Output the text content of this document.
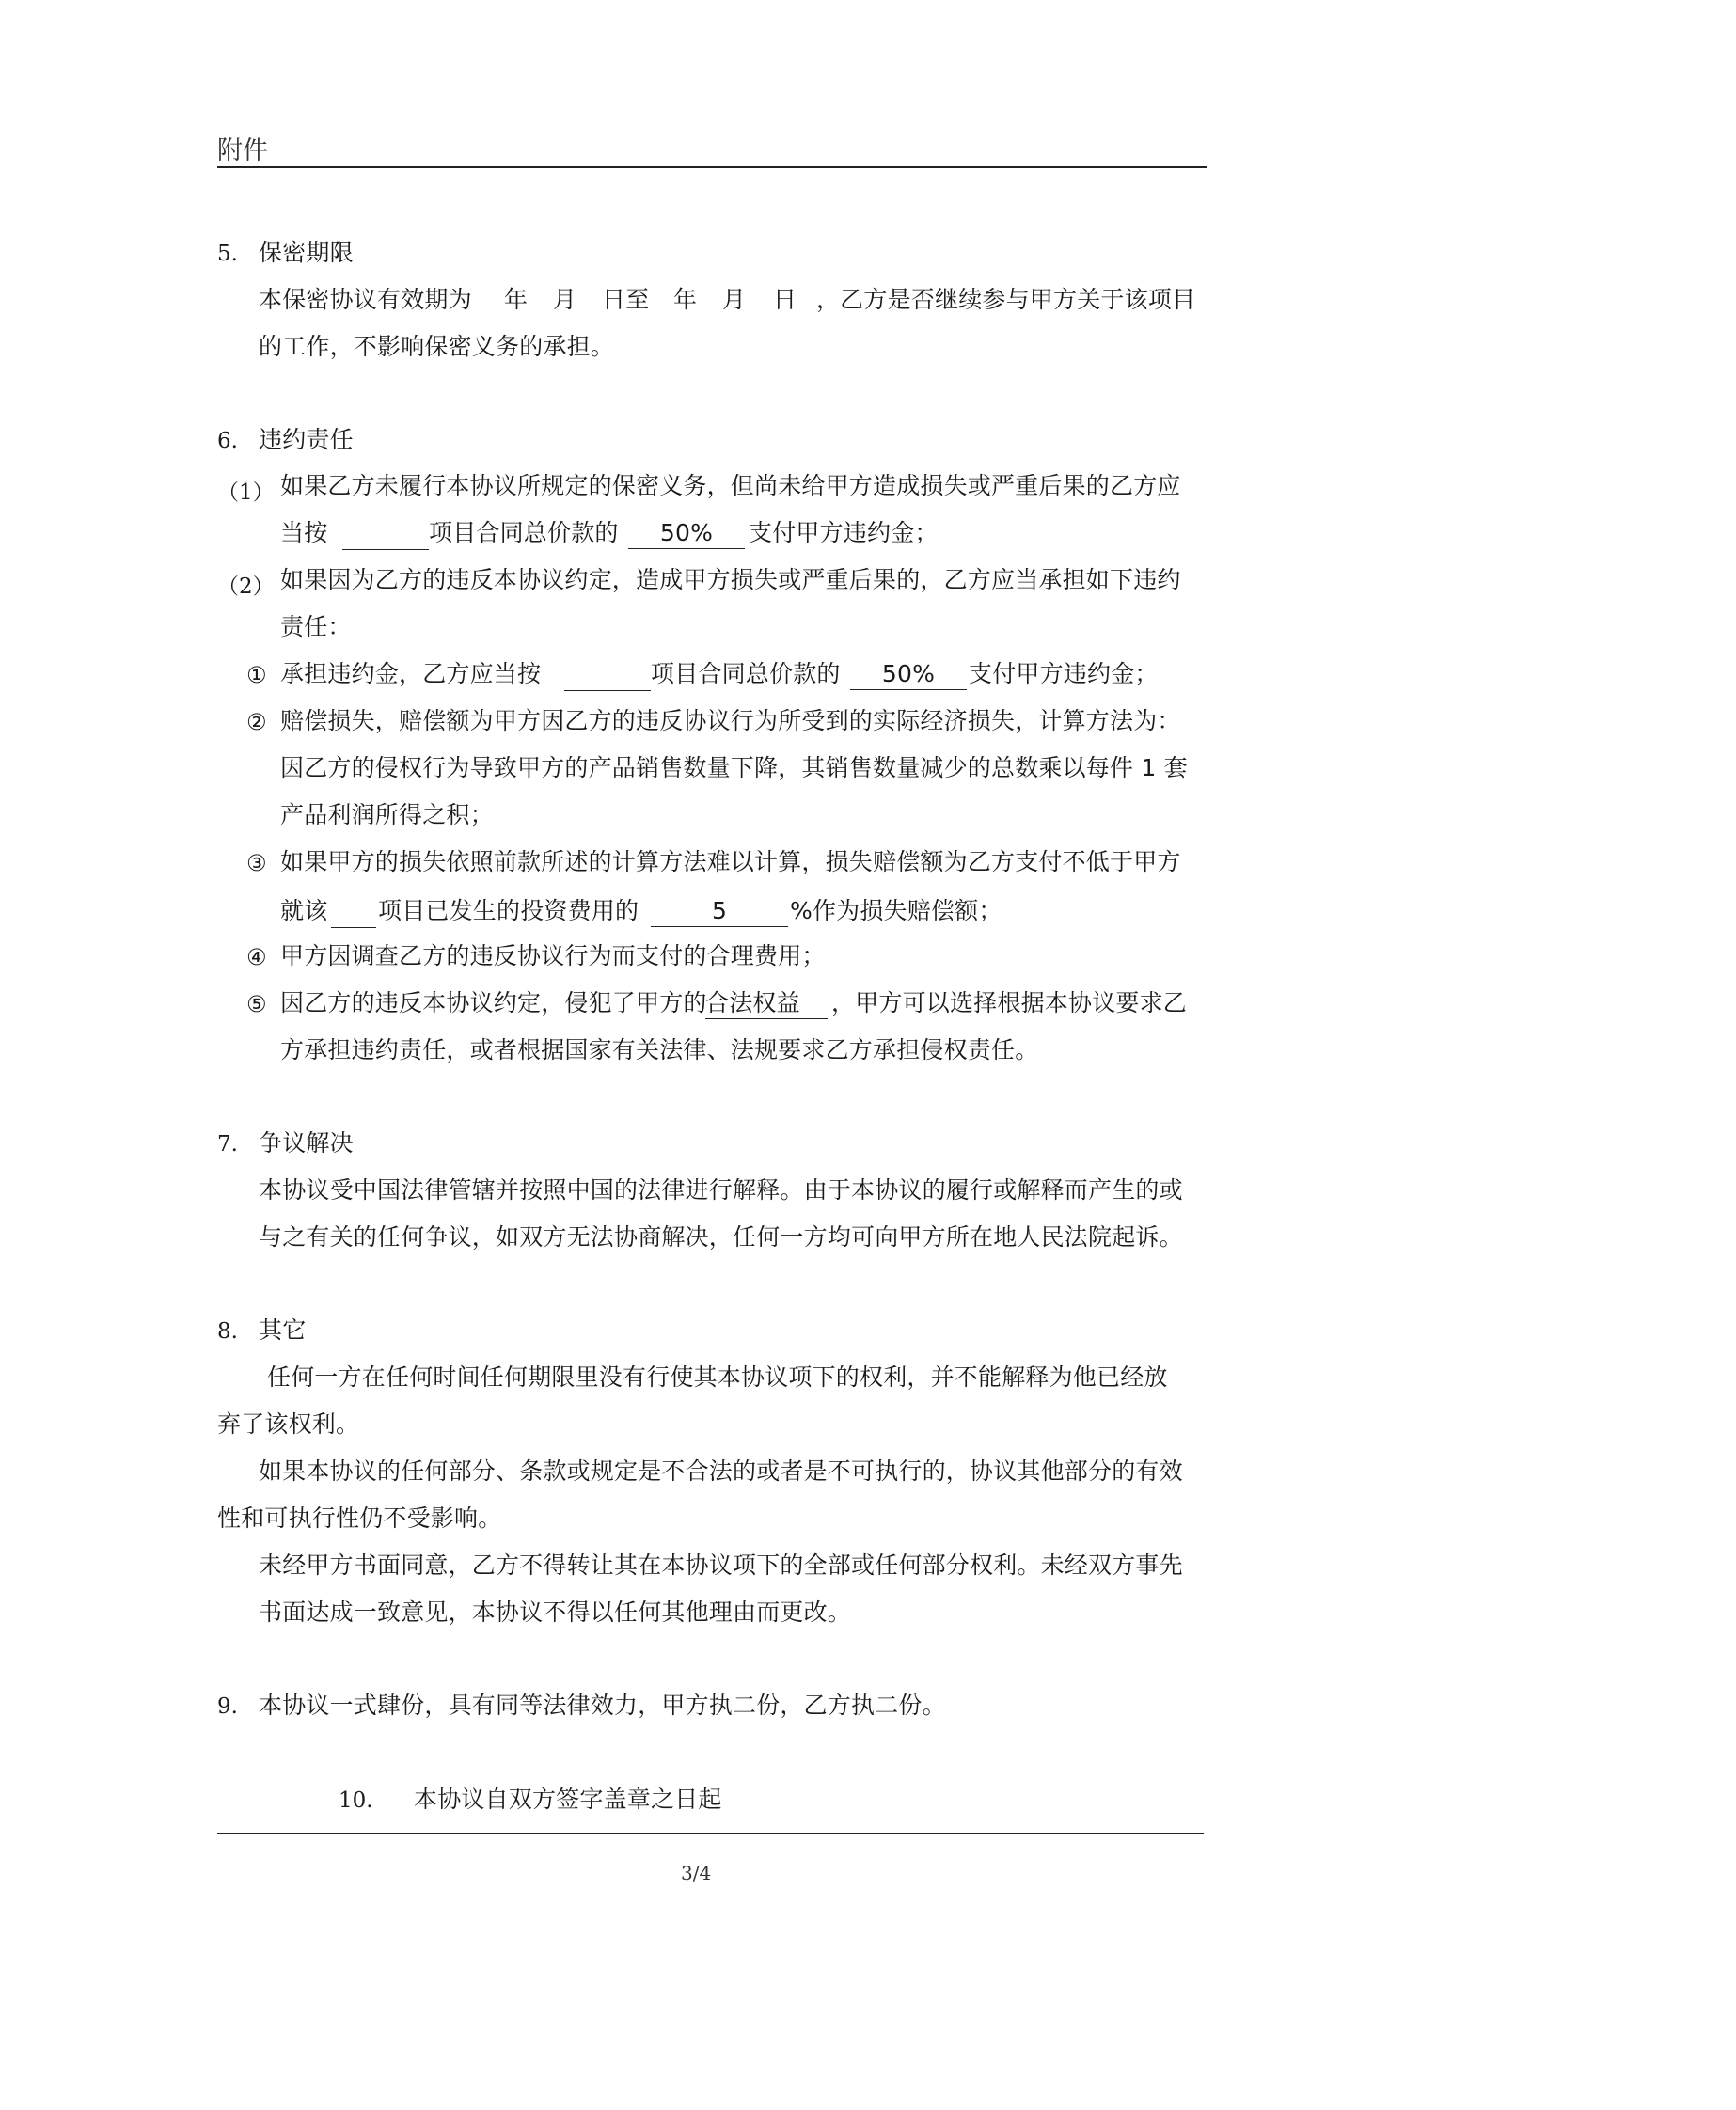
附件
5. 保密期限
本保密协议有效期为 年 月 日至 年 月 日 ，乙方是否继续参与甲方关于该项目
的工作，不影响保密义务的承担。
6. 违约责任
（1） 如果乙方未履行本协议所规定的保密义务，但尚未给甲方造成损失或严重后果的乙方应
当按	项目合同总价款的	50%	支付甲方违约金；
（2） 如果因为乙方的违反本协议约定，造成甲方损失或严重后果的，乙方应当承担如下违约
责任：
① 承担违约金，乙方应当按	项目合同总价款的	50%	支付甲方违约金；
② 赔偿损失，赔偿额为甲方因乙方的违反协议行为所受到的实际经济损失，计算方法为：
因乙方的侵权行为导致甲方的产品销售数量下降，其销售数量减少的总数乘以每件 1 套
产品利润所得之积；
③ 如果甲方的损失依照前款所述的计算方法难以计算，损失赔偿额为乙方支付不低于甲方
就该 项目已发生的投资费用的	5	%作为损失赔偿额；
④ 甲方因调查乙方的违反协议行为而支付的合理费用；
⑤ 因乙方的违反本协议约定，侵犯了甲方的
合法权益	，甲方可以选择根据本协议要求乙
方承担违约责任，或者根据国家有关法律、法规要求乙方承担侵权责任。
7. 争议解决
本协议受中国法律管辖并按照中国的法律进行解释。由于本协议的履行或解释而产生的或
与之有关的任何争议，如双方无法协商解决，任何一方均可向甲方所在地人民法院起诉。
8. 其它
任何一方在任何时间任何期限里没有行使其本协议项下的权利，并不能解释为他已经放
弃了该权利。
如果本协议的任何部分、条款或规定是不合法的或者是不可执行的，协议其他部分的有效
性和可执行性仍不受影响。
未经甲方书面同意，乙方不得转让其在本协议项下的全部或任何部分权利。未经双方事先
书面达成一致意见，本协议不得以任何其他理由而更改。
9. 本协议一式肆份，具有同等法律效力，甲方执二份，乙方执二份。
10. 本协议自双方签字盖章之日起
3/4
